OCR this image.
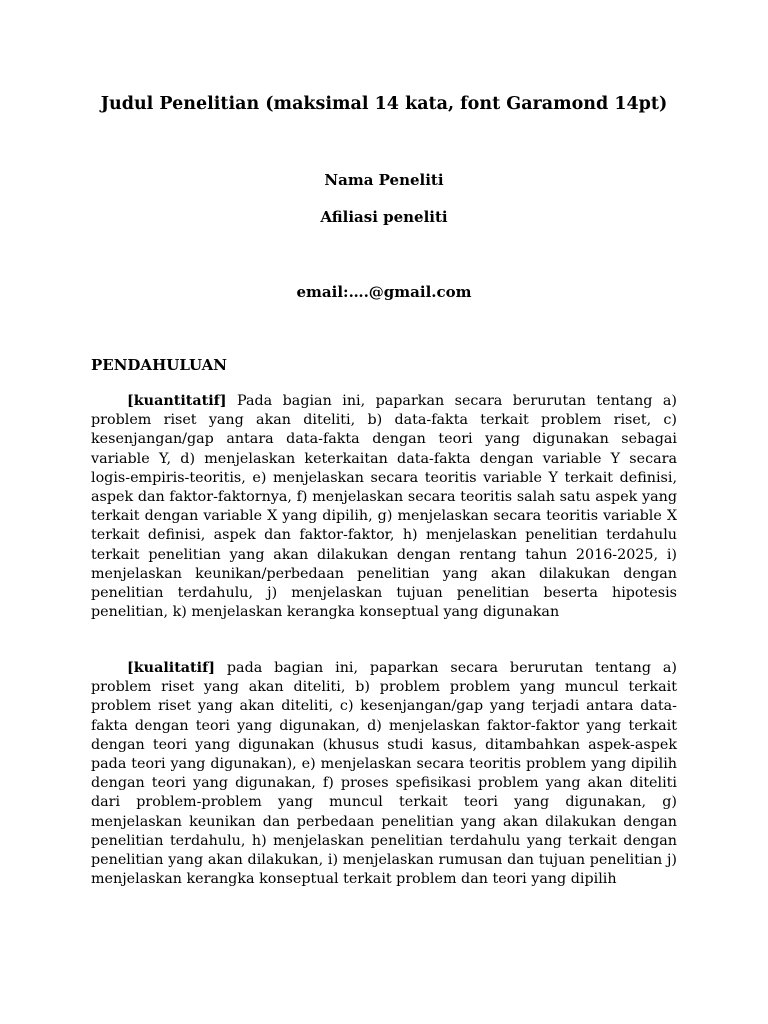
Judul Penelitian (maksimal 14 kata, font Garamond 14pt)
Nama Peneliti
Afiliasi peneliti
email:….@gmail.com
PENDAHULUAN

[kuantitatif] Pada bagian ini, paparkan secara berurutan tentang a) problem riset yang akan diteliti, b) data-fakta terkait problem riset, c) kesenjangan/gap antara data-fakta dengan teori yang digunakan sebagai variable Y, d) menjelaskan keterkaitan data-fakta dengan variable Y secara logis-empiris-teoritis, e) menjelaskan secara teoritis variable Y terkait definisi, aspek dan faktor-faktornya, f) menjelaskan secara teoritis salah satu aspek yang terkait dengan variable X yang dipilih, g) menjelaskan secara teoritis variable X terkait definisi, aspek dan faktor-faktor, h) menjelaskan penelitian terdahulu terkait penelitian yang akan dilakukan dengan rentang tahun 2016-2025, i) menjelaskan keunikan/perbedaan penelitian yang akan dilakukan dengan penelitian terdahulu, j) menjelaskan tujuan penelitian beserta hipotesis penelitian, k) menjelaskan kerangka konseptual yang digunakan

[kualitatif] pada bagian ini, paparkan secara berurutan tentang a) problem riset yang akan diteliti, b) problem problem yang muncul terkait problem riset yang akan diteliti, c) kesenjangan/gap yang terjadi antara data-fakta dengan teori yang digunakan, d) menjelaskan faktor-faktor yang terkait dengan teori yang digunakan (khusus studi kasus, ditambahkan aspek-aspek pada teori yang digunakan), e) menjelaskan secara teoritis problem yang dipilih dengan teori yang digunakan, f) proses spefisikasi problem yang akan diteliti dari problem-problem yang muncul terkait teori yang digunakan, g) menjelaskan keunikan dan perbedaan penelitian yang akan dilakukan dengan penelitian terdahulu, h) menjelaskan penelitian terdahulu yang terkait dengan penelitian yang akan dilakukan, i) menjelaskan rumusan dan tujuan penelitian j) menjelaskan kerangka konseptual terkait problem dan teori yang dipilih
